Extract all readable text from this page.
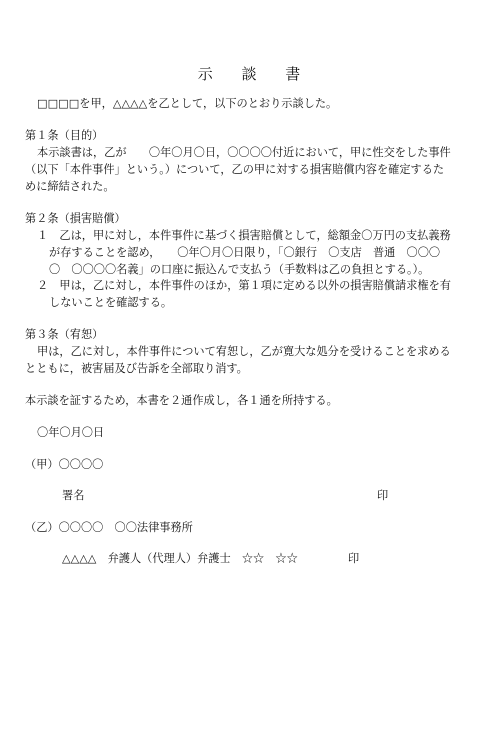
示 談 書
□□□□を甲，△△△△を乙として，以下のとおり示談した。
第１条（目的）
本示談書は，乙が　　〇年〇月〇日，〇〇〇〇付近において，甲に性交をした事件
（以下「本件事件」という。）について，乙の甲に対する損害賠償内容を確定するた
めに締結された。
第２条（損害賠償）
１　乙は，甲に対し，本件事件に基づく損害賠償として，総額金〇万円の支払義務
が存することを認め，　　〇年〇月〇日限り，「〇銀行　〇支店　普通　〇〇〇
〇　〇〇〇〇名義」の口座に振込んで支払う（手数料は乙の負担とする。）。
２　甲は，乙に対し，本件事件のほか，第１項に定める以外の損害賠償請求権を有
しないことを確認する。
第３条（宥恕）
甲は，乙に対し，本件事件について宥恕し，乙が寛大な処分を受けることを求める
とともに，被害届及び告訴を全部取り消す。
本示談を証するため，本書を２通作成し，各１通を所持する。
〇年〇月〇日
（甲）〇〇〇〇
署名	印
（乙）〇〇〇〇　〇〇法律事務所
△△△△　弁護人（代理人）弁護士　☆☆　☆☆	印
